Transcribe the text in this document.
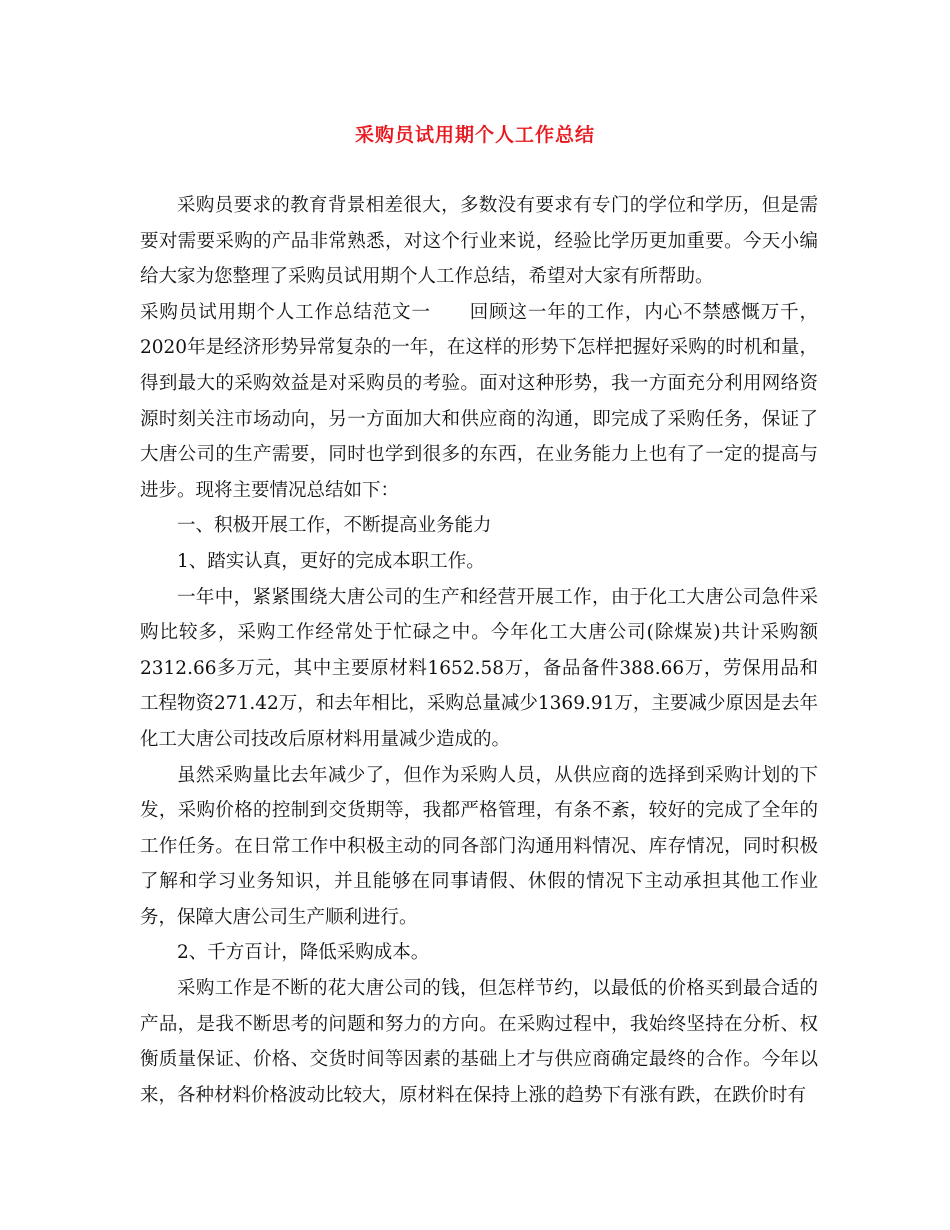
采购员试用期个人工作总结

采购员要求的教育背景相差很大，多数没有要求有专门的学位和学历，但是需要对需要采购的产品非常熟悉，对这个行业来说，经验比学历更加重要。今天小编给大家为您整理了采购员试用期个人工作总结，希望对大家有所帮助。

采购员试用期个人工作总结范文一　　回顾这一年的工作，内心不禁感慨万千，2020年是经济形势异常复杂的一年，在这样的形势下怎样把握好采购的时机和量，得到最大的采购效益是对采购员的考验。面对这种形势，我一方面充分利用网络资源时刻关注市场动向，另一方面加大和供应商的沟通，即完成了采购任务，保证了大唐公司的生产需要，同时也学到很多的东西，在业务能力上也有了一定的提高与进步。现将主要情况总结如下：

一、积极开展工作，不断提高业务能力

1、踏实认真，更好的完成本职工作。

一年中，紧紧围绕大唐公司的生产和经营开展工作，由于化工大唐公司急件采购比较多，采购工作经常处于忙碌之中。今年化工大唐公司(除煤炭)共计采购额2312.66多万元，其中主要原材料1652.58万，备品备件388.66万，劳保用品和工程物资271.42万，和去年相比，采购总量减少1369.91万，主要减少原因是去年化工大唐公司技改后原材料用量减少造成的。

虽然采购量比去年减少了，但作为采购人员，从供应商的选择到采购计划的下发，采购价格的控制到交货期等，我都严格管理，有条不紊，较好的完成了全年的工作任务。在日常工作中积极主动的同各部门沟通用料情况、库存情况，同时积极了解和学习业务知识，并且能够在同事请假、休假的情况下主动承担其他工作业务，保障大唐公司生产顺利进行。

2、千方百计，降低采购成本。

采购工作是不断的花大唐公司的钱，但怎样节约，以最低的价格买到最合适的产品，是我不断思考的问题和努力的方向。在采购过程中，我始终坚持在分析、权衡质量保证、价格、交货时间等因素的基础上才与供应商确定最终的合作。今年以来，各种材料价格波动比较大，原材料在保持上涨的趋势下有涨有跌，在跌价时有
